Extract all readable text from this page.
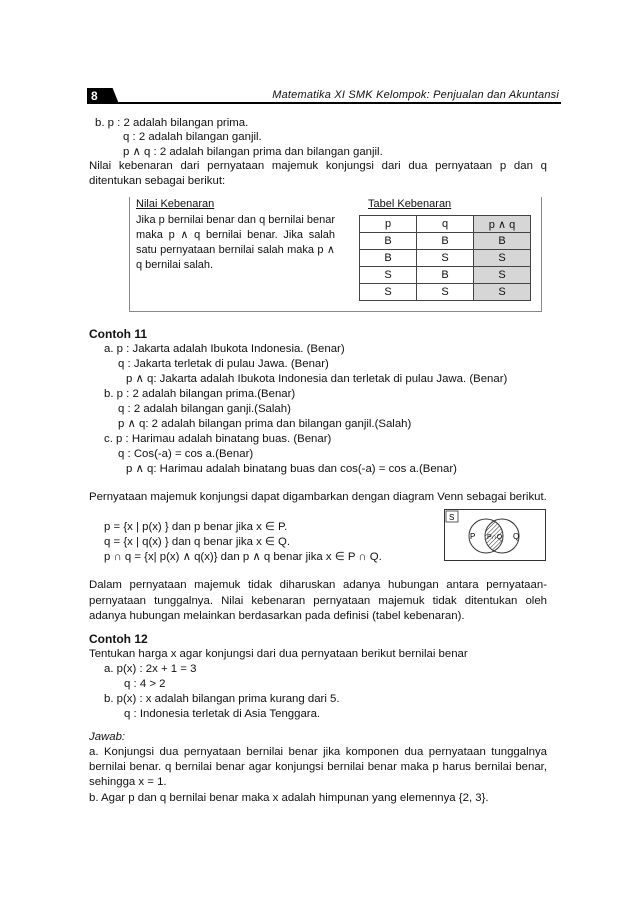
8	Matematika XI SMK Kelompok: Penjualan dan Akuntansi
b. p : 2 adalah bilangan prima.
q : 2 adalah bilangan ganjil.
p ∧ q : 2 adalah bilangan prima dan bilangan ganjil.
Nilai kebenaran dari pernyataan majemuk konjungsi dari dua pernyataan p dan q ditentukan sebagai berikut:
Nilai Kebenaran
Jika p bernilai benar dan q bernilai benar maka p ∧ q bernilai benar. Jika salah satu pernyataan bernilai salah maka p ∧ q bernilai salah.
Tabel Kebenaran
p	q	p ∧ q
B	B	B
B	S	S
S	B	S
S	S	S
Contoh 11
a. p : Jakarta adalah Ibukota Indonesia. (Benar)
q : Jakarta terletak di pulau Jawa. (Benar)
p ∧ q: Jakarta adalah Ibukota Indonesia dan terletak di pulau Jawa. (Benar)
b. p : 2 adalah bilangan prima.(Benar)
q : 2 adalah bilangan ganji.(Salah)
p ∧ q: 2 adalah bilangan prima dan bilangan ganjil.(Salah)
c. p : Harimau adalah binatang buas. (Benar)
q : Cos(-a) = cos a.(Benar)
p ∧ q: Harimau adalah binatang buas dan cos(-a) = cos a.(Benar)
Pernyataan majemuk konjungsi dapat digambarkan dengan diagram Venn sebagai berikut.
p = {x | p(x) } dan p benar jika x ∈ P.
q = {x | q(x) } dan q benar jika x ∈ Q.
p ∩ q = {x| p(x) ∧ q(x)} dan p ∧ q benar jika x ∈ P ∩ Q.
S
P P∩Q Q
Dalam pernyataan majemuk tidak diharuskan adanya hubungan antara pernyataan-pernyataan tunggalnya. Nilai kebenaran pernyataan majemuk tidak ditentukan oleh adanya hubungan melainkan berdasarkan pada definisi (tabel kebenaran).
Contoh 12
Tentukan harga x agar konjungsi dari dua pernyataan berikut bernilai benar
a. p(x) : 2x + 1 = 3
q : 4 > 2
b. p(x) : x adalah bilangan prima kurang dari 5.
q : Indonesia terletak di Asia Tenggara.
Jawab:
a. Konjungsi dua pernyataan bernilai benar jika komponen dua pernyataan tunggalnya bernilai benar. q bernilai benar agar konjungsi bernilai benar maka p harus bernilai benar, sehingga x = 1.
b. Agar p dan q bernilai benar maka x adalah himpunan yang elemennya {2, 3}.
